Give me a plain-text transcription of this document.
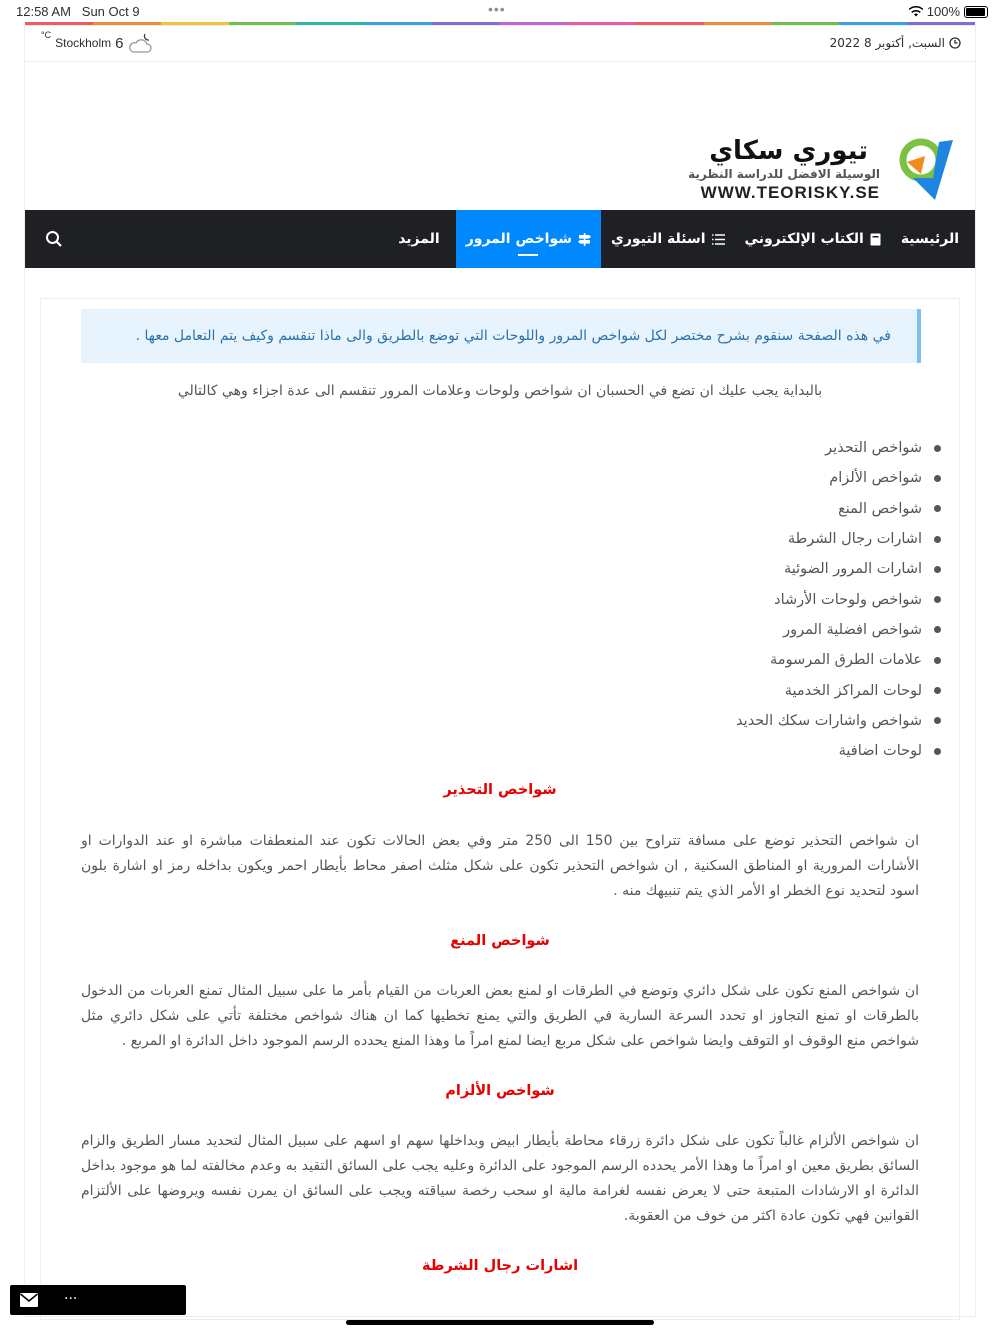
12:58 AM Sun Oct 9	•••	100%
السبت, أكتوبر 8 2022
°C
Stockholm 6
تيوري سكاي
الوسيلة الافضل للدراسة النظرية
WWW.TEORISKY.SE
الرئيسية
الكتاب الإلكتروني
اسئلة التيوري
شواخص المرور
المزيد
في هذه الصفحة سنقوم بشرح مختصر لكل شواخص المرور واللوحات التي توضع بالطريق والى ماذا تنقسم وكيف يتم التعامل معها .
بالبداية يجب عليك ان تضع في الحسبان ان شواخص ولوحات وعلامات المرور تنقسم الى عدة اجزاء وهي كالتالي
شواخص التحذير
شواخص الألزام
شواخص المنع
اشارات رجال الشرطة
اشارات المرور الضوئية
شواخص ولوحات الأرشاد
شواخص افضلية المرور
علامات الطرق المرسومة
لوحات المراكز الخدمية
شواخص واشارات سكك الحديد
لوحات اضافية
شواخص التحذير
ان شواخص التحذير توضع على مسافة تتراوح بين 150 الى 250 متر وفي بعض الحالات تكون عند المنعطفات مباشرة او عند الدوارات او الأشارات المرورية او المناطق السكنية , ان شواخص التحذير تكون على شكل مثلث اصفر محاط بأيطار احمر ويكون بداخله رمز او اشارة بلون اسود لتحديد نوع الخطر او الأمر الذي يتم تنبيهك منه .
شواخص المنع
ان شواخص المنع تكون على شكل دائري وتوضع في الطرقات او لمنع بعض العربات من القيام بأمر ما على سبيل المثال تمنع العربات من الدخول بالطرقات او تمنع التجاوز او تحدد السرعة السارية في الطريق والتي يمنع تخطيها كما ان هناك شواخص مختلفة تأتي على شكل دائري مثل شواخص منع الوقوف او التوقف وايضا شواخص على شكل مربع ايضا لمنع امراً ما وهذا المنع يحدده الرسم الموجود داخل الدائرة او المربع .
شواخص الألزام
ان شواخص الألزام غالباً تكون على شكل دائرة زرقاء محاطة بأيطار ابيض وبداخلها سهم او اسهم على سبيل المثال لتحديد مسار الطريق والزام السائق بطريق معين او امراً ما وهذا الأمر يحدده الرسم الموجود على الدائرة وعليه يجب على السائق التقيد به وعدم مخالفته لما هو موجود بداخل الدائرة او الارشادات المتبعة حتى لا يعرض نفسه لغرامة مالية او سحب رخصة سياقته ويجب على السائق ان يمرن نفسه ويروضها على الألتزام القوانين فهي تكون عادة اكثر من خوف من العقوبة.
اشارات رجال الشرطة
...
